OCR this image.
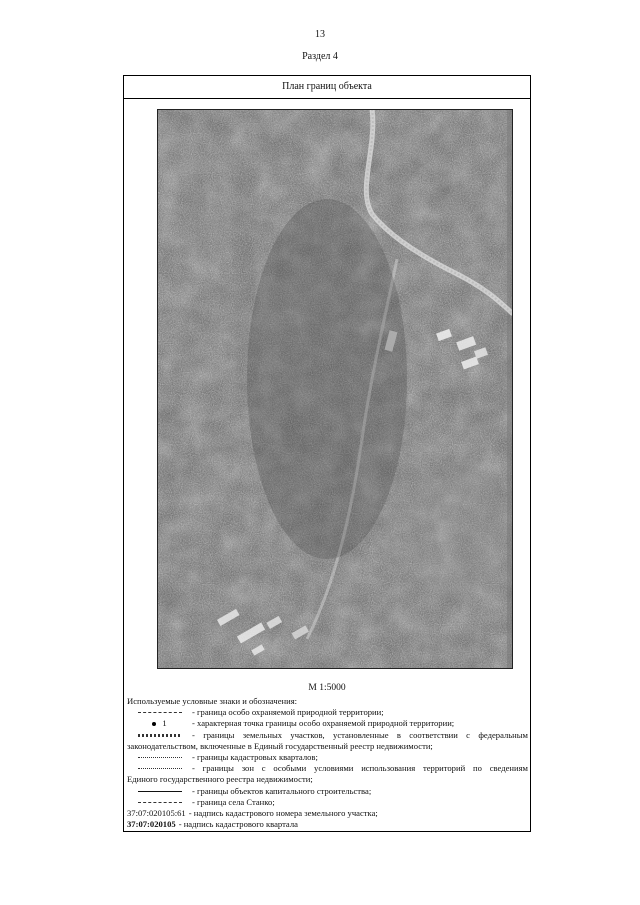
13
Раздел 4
План границ объекта
М 1:5000
Используемые условные знаки и обозначения:
- граница особо охраняемой природной территории;
1	- характерная точка границы особо охраняемой природной территории;
- границы земельных участков, установленные в соответствии с федеральным
законодательством, включенные в Единый государственный реестр недвижимости;
- границы кадастровых кварталов;
- границы зон с особыми условиями использования территорий по сведениям
Единого государственного реестра недвижимости;
- границы объектов капитального строительства;
- граница села Станко;
37:07:020105:61 - надпись кадастрового номера земельного участка;
37:07:020105 - надпись кадастрового квартала
